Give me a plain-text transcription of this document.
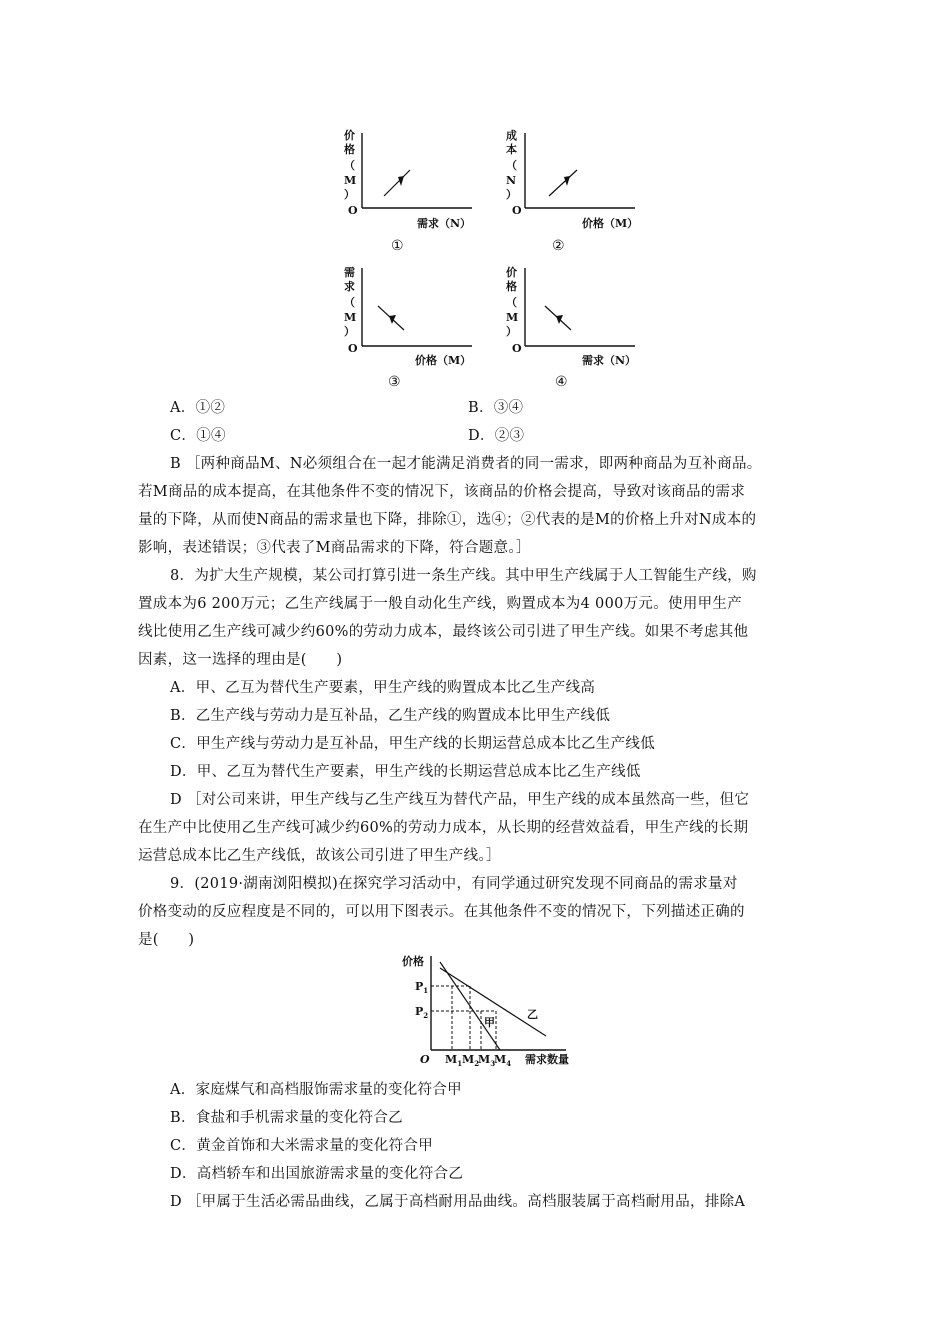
价
格
（
M
）
O
需求（N）
①
成
本
（
N
）
O
价格（M）
②
需
求
（
M
）
O
价格（M）
③
价
格
（
M
）
O
需求（N）
④
A．①②	B．③④
C．①④	D．②③
B ［两种商品M、N必须组合在一起才能满足消费者的同一需求，即两种商品为互补商品。
若M商品的成本提高，在其他条件不变的情况下，该商品的价格会提高，导致对该商品的需求
量的下降，从而使N商品的需求量也下降，排除①，选④；②代表的是M的价格上升对N成本的
影响，表述错误；③代表了M商品需求的下降，符合题意。］
8．为扩大生产规模，某公司打算引进一条生产线。其中甲生产线属于人工智能生产线，购
置成本为6 200万元；乙生产线属于一般自动化生产线，购置成本为4 000万元。使用甲生产
线比使用乙生产线可减少约60%的劳动力成本，最终该公司引进了甲生产线。如果不考虑其他
因素，这一选择的理由是(　　)
A．甲、乙互为替代生产要素，甲生产线的购置成本比乙生产线高
B．乙生产线与劳动力是互补品，乙生产线的购置成本比甲生产线低
C．甲生产线与劳动力是互补品，甲生产线的长期运营总成本比乙生产线低
D．甲、乙互为替代生产要素，甲生产线的长期运营总成本比乙生产线低
D ［对公司来讲，甲生产线与乙生产线互为替代产品，甲生产线的成本虽然高一些，但它
在生产中比使用乙生产线可减少约60%的劳动力成本，从长期的经营效益看，甲生产线的长期
运营总成本比乙生产线低，故该公司引进了甲生产线。］
9．(2019·湖南浏阳模拟)在探究学习活动中，有同学通过研究发现不同商品的需求量对
价格变动的反应程度是不同的，可以用下图表示。在其他条件不变的情况下，下列描述正确的
是(　　)
价格
O
$P_1$
$P_2$
甲
乙
$M_1$ $M_2$
$M_3$
$M_4$ 需求数量
A．家庭煤气和高档服饰需求量的变化符合甲
B．食盐和手机需求量的变化符合乙
C．黄金首饰和大米需求量的变化符合甲
D．高档轿车和出国旅游需求量的变化符合乙
D ［甲属于生活必需品曲线，乙属于高档耐用品曲线。高档服装属于高档耐用品，排除A
